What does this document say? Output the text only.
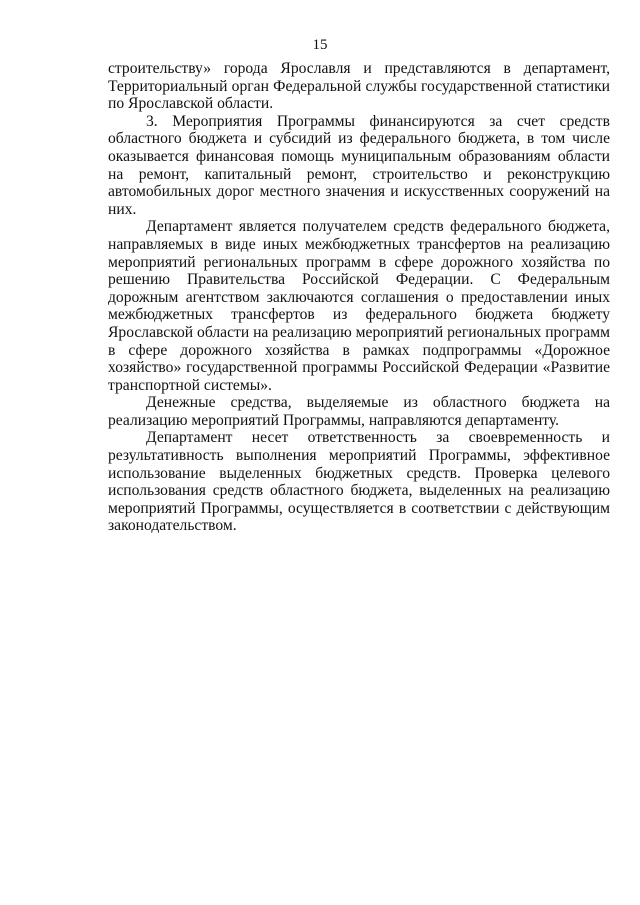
15

строительству» города Ярославля и представляются в департамент, Территориальный орган Федеральной службы государственной статистики по Ярославской области.

3. Мероприятия Программы финансируются за счет средств областного бюджета и субсидий из федерального бюджета, в том числе оказывается финансовая помощь муниципальным образованиям области на ремонт, капитальный ремонт, строительство и реконструкцию автомобильных дорог местного значения и искусственных сооружений на них.

Департамент является получателем средств федерального бюджета, направляемых в виде иных межбюджетных трансфертов на реализацию мероприятий региональных программ в сфере дорожного хозяйства по решению Правительства Российской Федерации. С Федеральным дорожным агентством заключаются соглашения о предоставлении иных межбюджетных трансфертов из федерального бюджета бюджету Ярославской области на реализацию мероприятий региональных программ в сфере дорожного хозяйства в рамках подпрограммы «Дорожное хозяйство» государственной программы Российской Федерации «Развитие транспортной системы».

Денежные средства, выделяемые из областного бюджета на реализацию мероприятий Программы, направляются департаменту.

Департамент несет ответственность за своевременность и результативность выполнения мероприятий Программы, эффективное использование выделенных бюджетных средств. Проверка целевого использования средств областного бюджета, выделенных на реализацию мероприятий Программы, осуществляется в соответствии с действующим законодательством.
